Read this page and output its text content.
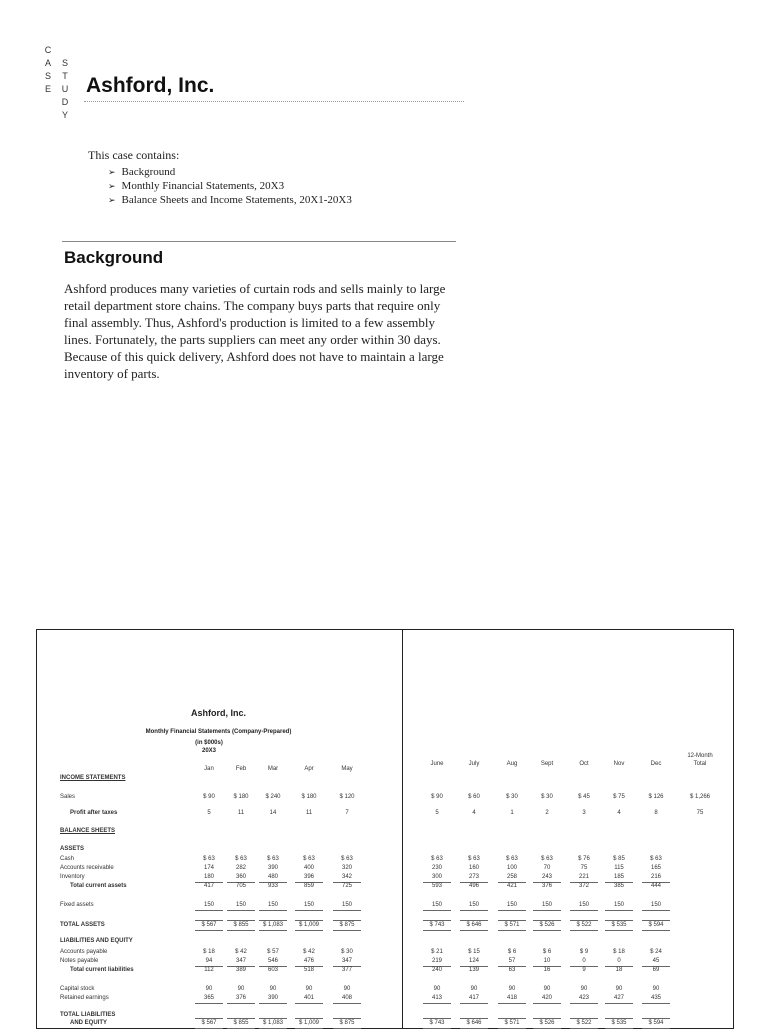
C
A
S
E
S
T
U
D
Y
Ashford, Inc.
This case contains:
➢ Background
➢ Monthly Financial Statements, 20X3
➢ Balance Sheets and Income Statements, 20X1-20X3
Background
Ashford produces many varieties of curtain rods and sells mainly to large retail department store chains. The company buys parts that require only final assembly. Thus, Ashford's production is limited to a few assembly lines. Fortunately, the parts suppliers can meet any order within 30 days. Because of this quick delivery, Ashford does not have to maintain a large inventory of parts.
Ashford, Inc.
Monthly Financial Statements (Company-Prepared)
(in $000s)
20X3
Jan	Feb	Mar	Apr	May
June	July	Aug	Sept	Oct	Nov	Dec
12-Month
Total
INCOME STATEMENTS
BALANCE SHEETS
ASSETS
LIABILITIES AND EQUITY
Sales	$ 90	$ 180	$ 240	$ 180	$ 120	$ 90	$ 60	$ 30	$ 30	$ 45	$ 75	$ 126	$ 1,266
Profit after taxes	5	11	14	11	7	5	4	1	2	3	4	8	75
Cash	$ 63	$ 63	$ 63	$ 63	$ 63	$ 63	$ 63	$ 63	$ 63	$ 76	$ 85	$ 63
Accounts receivable	174	282	390	400	320	230	160	100	70	75	115	165
Inventory	180	360	480	396	342	300	273	258	243	221	185	216
Total current assets	417	705	933	859	725	593	496	421	376	372	385	444
Fixed assets	150	150	150	150	150	150	150	150	150	150	150	150
TOTAL ASSETS	$ 567	$ 855	$ 1,083	$ 1,009	$ 875	$ 743	$ 646	$ 571	$ 526	$ 522	$ 535	$ 594
Accounts payable	$ 18	$ 42	$ 57	$ 42	$ 30	$ 21	$ 15	$ 6	$ 6	$ 9	$ 18	$ 24
Notes payable	94	347	546	476	347	219	124	57	10	0	0	45
Total current liabilities	112	389	603	518	377	240	139	63	16	9	18	69
Capital stock	90	90	90	90	90	90	90	90	90	90	90	90
Retained earnings	365	376	390	401	408	413	417	418	420	423	427	435
TOTAL LIABILITIES
AND EQUITY	$ 567	$ 855	$ 1,083	$ 1,009	$ 875	$ 743	$ 646	$ 571	$ 526	$ 522	$ 535	$ 594
